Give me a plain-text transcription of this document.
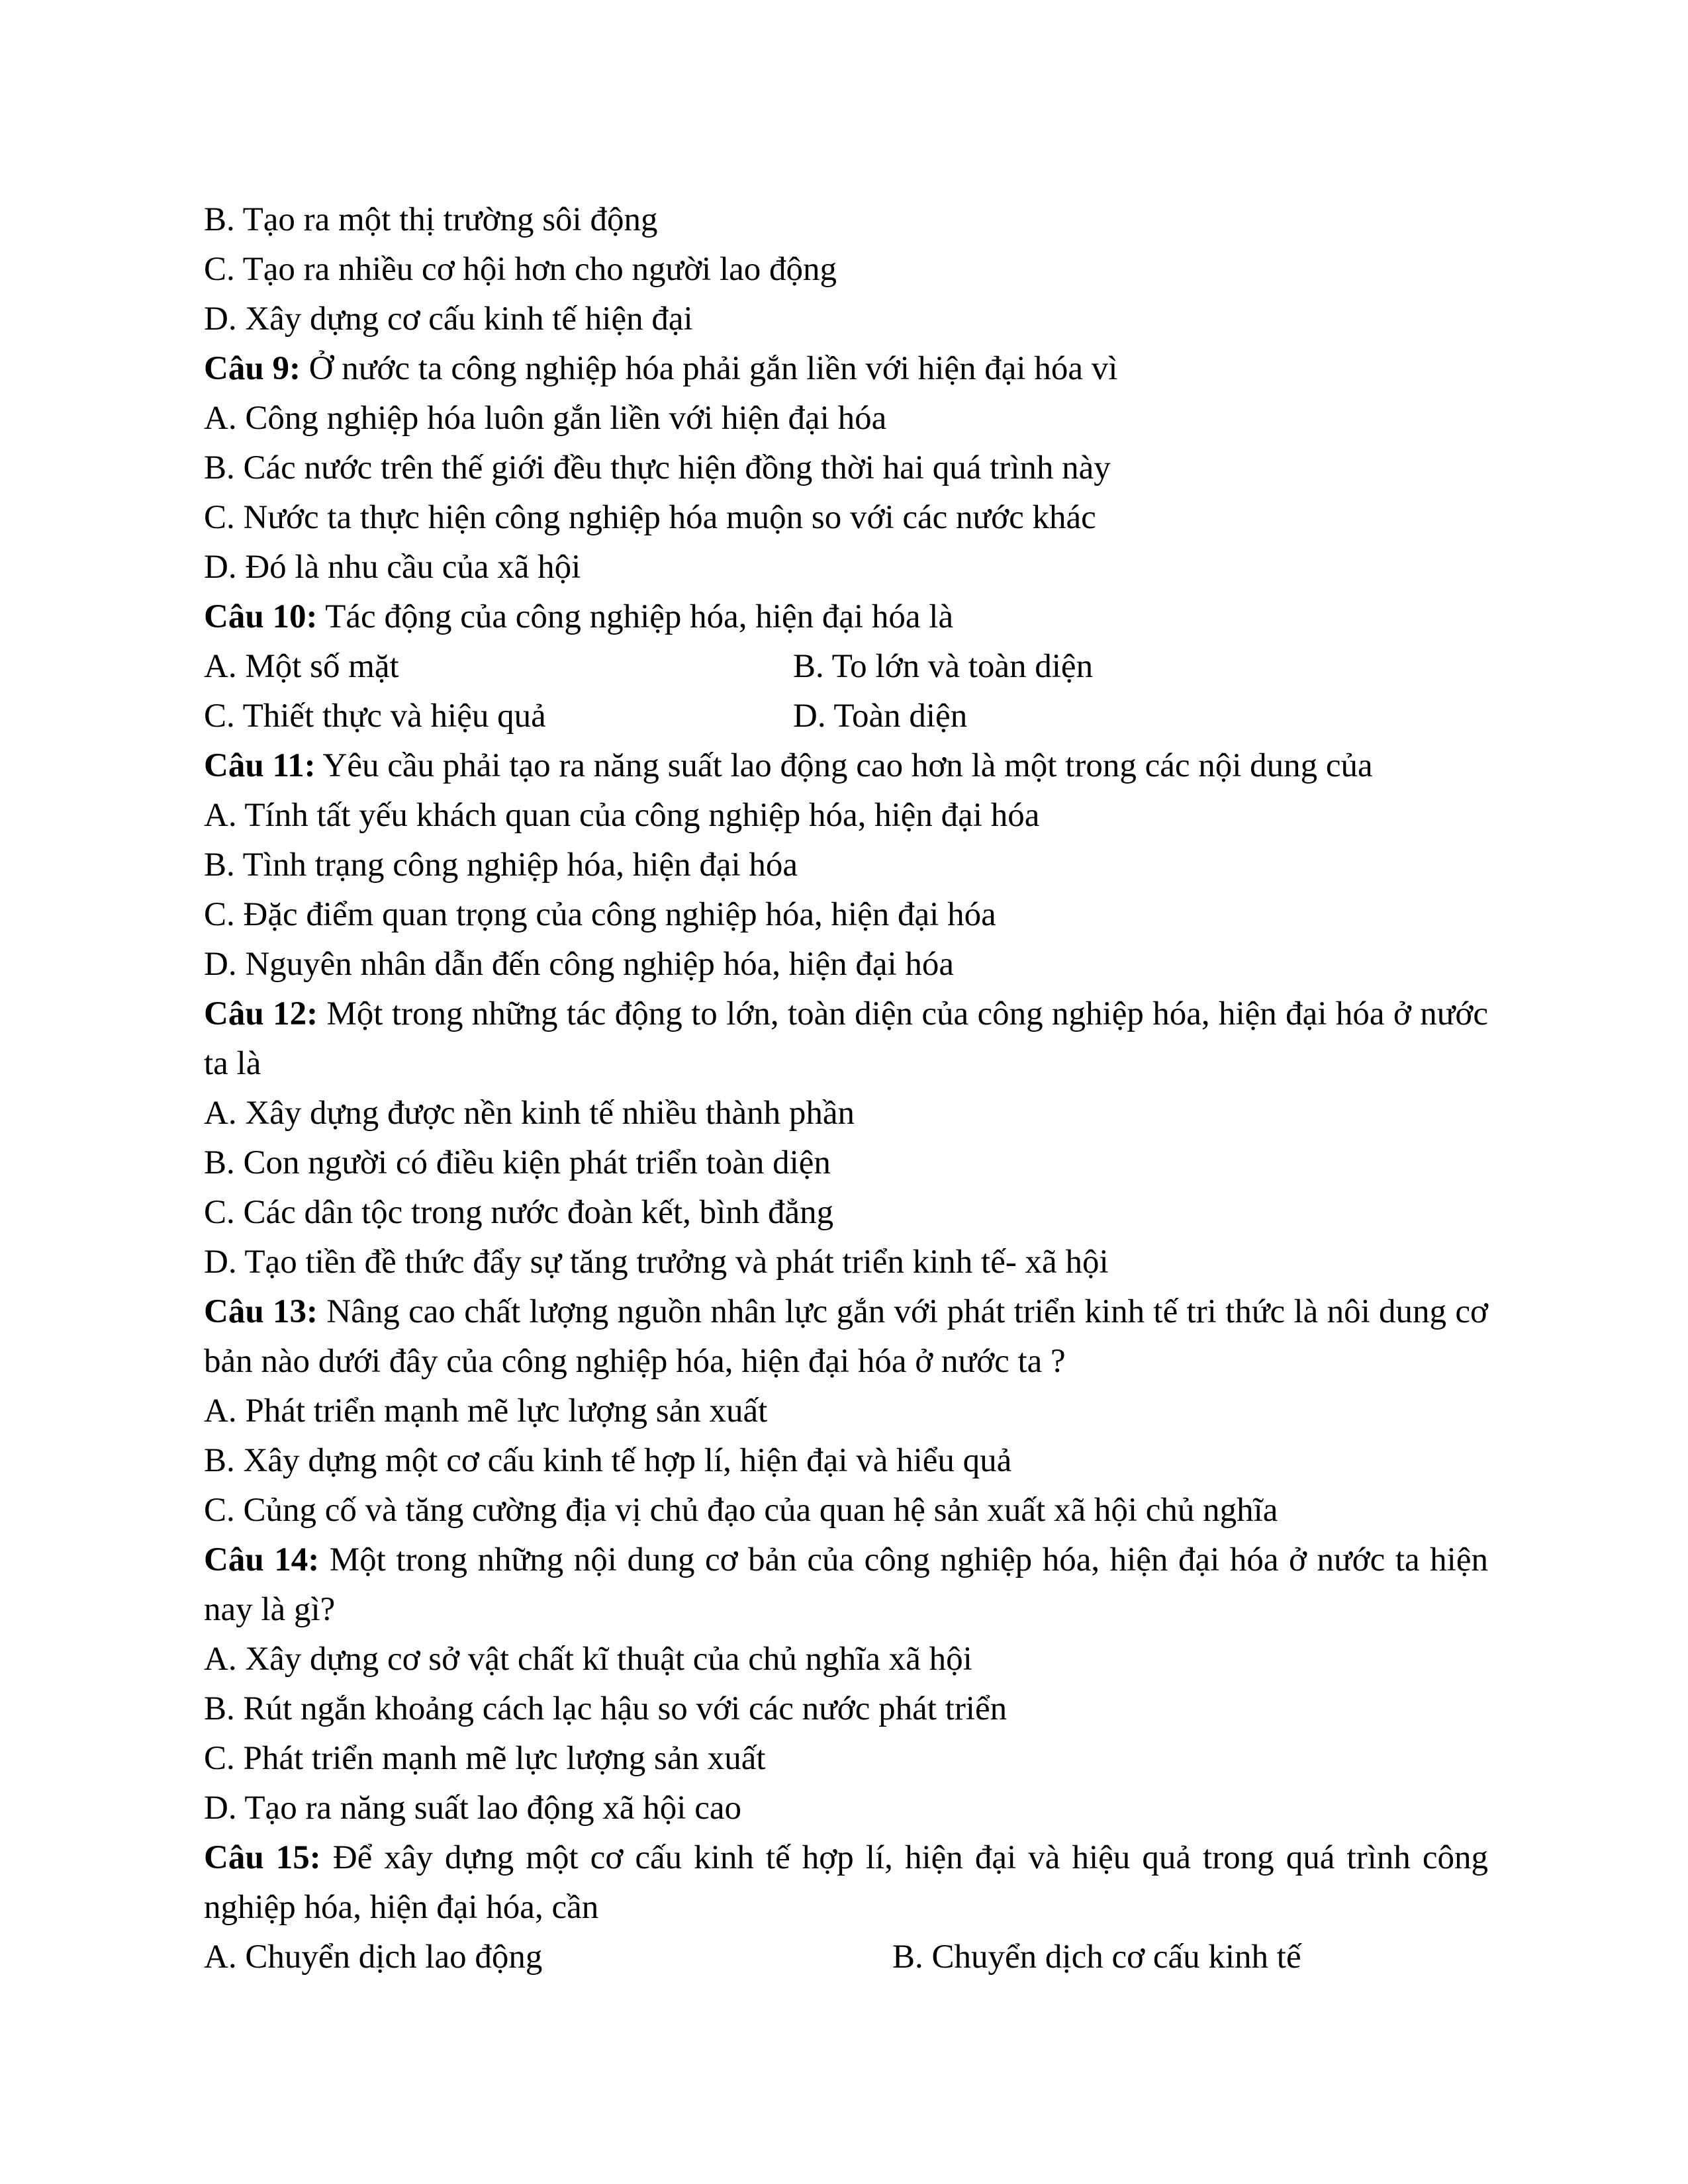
B. Tạo ra một thị trường sôi động
C. Tạo ra nhiều cơ hội hơn cho người lao động
D. Xây dựng cơ cấu kinh tế hiện đại
Câu 9: Ở nước ta công nghiệp hóa phải gắn liền với hiện đại hóa vì
A. Công nghiệp hóa luôn gắn liền với hiện đại hóa
B. Các nước trên thế giới đều thực hiện đồng thời hai quá trình này
C. Nước ta thực hiện công nghiệp hóa muộn so với các nước khác
D. Đó là nhu cầu của xã hội
Câu 10: Tác động của công nghiệp hóa, hiện đại hóa là
A. Một số mặt	B. To lớn và toàn diện
C. Thiết thực và hiệu quả	D. Toàn diện
Câu 11: Yêu cầu phải tạo ra năng suất lao động cao hơn là một trong các nội dung của
A. Tính tất yếu khách quan của công nghiệp hóa, hiện đại hóa
B. Tình trạng công nghiệp hóa, hiện đại hóa
C. Đặc điểm quan trọng của công nghiệp hóa, hiện đại hóa
D. Nguyên nhân dẫn đến công nghiệp hóa, hiện đại hóa
Câu 12: Một trong những tác động to lớn, toàn diện của công nghiệp hóa, hiện đại hóa ở nước ta là
A. Xây dựng được nền kinh tế nhiều thành phần
B. Con người có điều kiện phát triển toàn diện
C. Các dân tộc trong nước đoàn kết, bình đẳng
D. Tạo tiền đề thức đẩy sự tăng trưởng và phát triển kinh tế- xã hội
Câu 13: Nâng cao chất lượng nguồn nhân lực gắn với phát triển kinh tế tri thức là nôi dung cơ bản nào dưới đây của công nghiệp hóa, hiện đại hóa ở nước ta ?
A. Phát triển mạnh mẽ lực lượng sản xuất
B. Xây dựng một cơ cấu kinh tế hợp lí, hiện đại và hiểu quả
C. Củng cố và tăng cường địa vị chủ đạo của quan hệ sản xuất xã hội chủ nghĩa
Câu 14: Một trong những nội dung cơ bản của công nghiệp hóa, hiện đại hóa ở nước ta hiện nay là gì?
A. Xây dựng cơ sở vật chất kĩ thuật của chủ nghĩa xã hội
B. Rút ngắn khoảng cách lạc hậu so với các nước phát triển
C. Phát triển mạnh mẽ lực lượng sản xuất
D. Tạo ra năng suất lao động xã hội cao
Câu 15: Để xây dựng một cơ cấu kinh tế hợp lí, hiện đại và hiệu quả trong quá trình công nghiệp hóa, hiện đại hóa, cần
A. Chuyển dịch lao động	B. Chuyển dịch cơ cấu kinh tế
